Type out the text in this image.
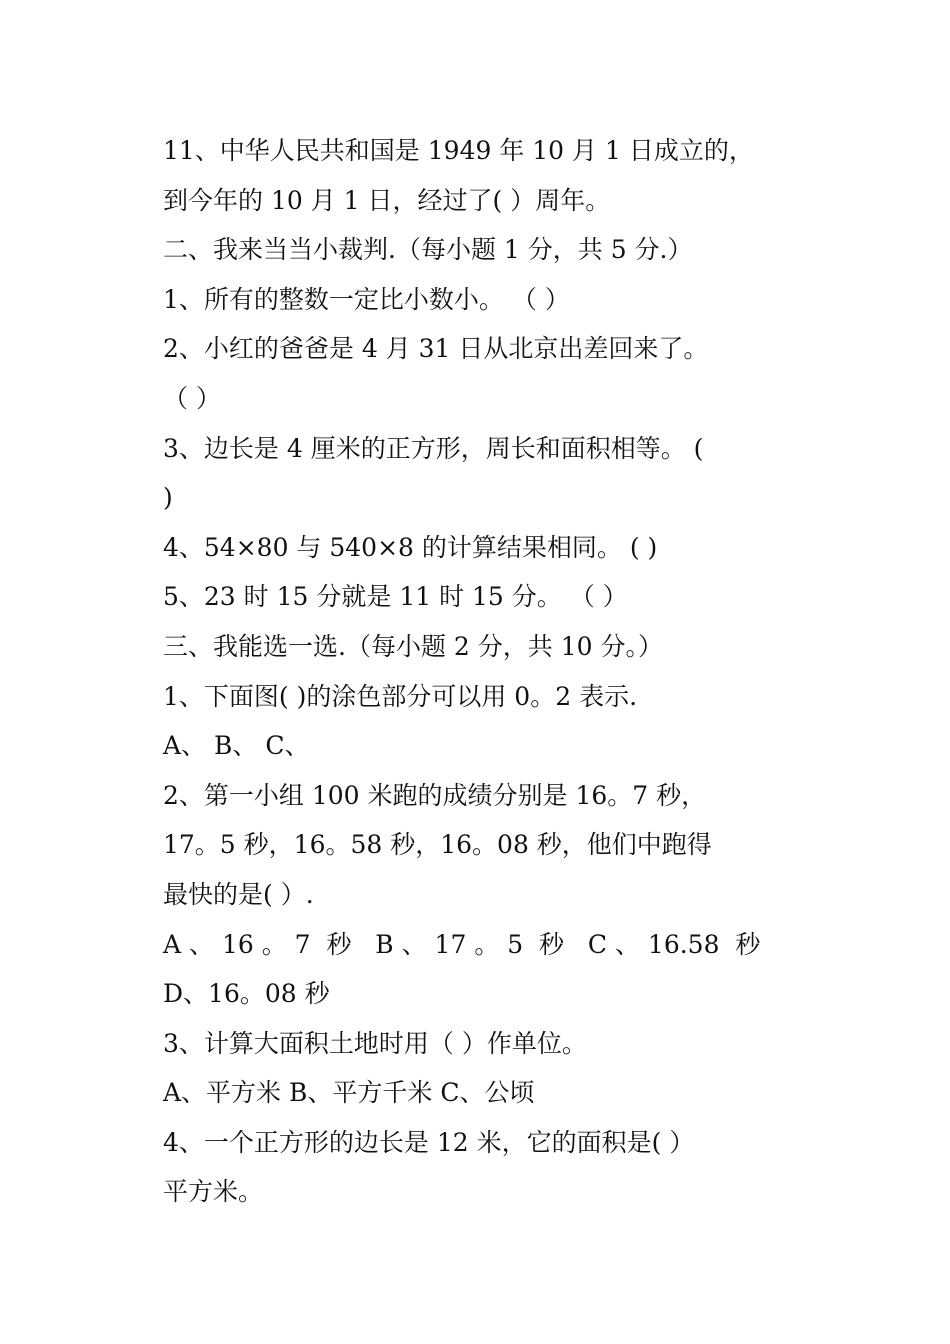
11、中华人民共和国是 1949 年 10 月 1 日成立的，
到今年的 10 月 1 日，经过了( ）周年。
二、我来当当小裁判.（每小题 1 分，共 5 分.）
1、所有的整数一定比小数小。 （ ）
2、小红的爸爸是 4 月 31 日从北京出差回来了。
（ ）
3、边长是 4 厘米的正方形，周长和面积相等。 (
)
4、54×80 与 540×8 的计算结果相同。 ( )
5、23 时 15 分就是 11 时 15 分。 （ ）
三、我能选一选.（每小题 2 分，共 10 分。）
1、下面图( )的涂色部分可以用 0。2 表示.
A、 B、 C、
2、第一小组 100 米跑的成绩分别是 16。7 秒，
17。5 秒，16。58 秒，16。08 秒，他们中跑得
最快的是( ）.
A 、 16 。 7  秒   B 、 17 。 5  秒   C 、 16.58  秒
D、16。08 秒
3、计算大面积土地时用（ ）作单位。
A、平方米 B、平方千米 C、公顷
4、一个正方形的边长是 12 米，它的面积是( ）
平方米。
